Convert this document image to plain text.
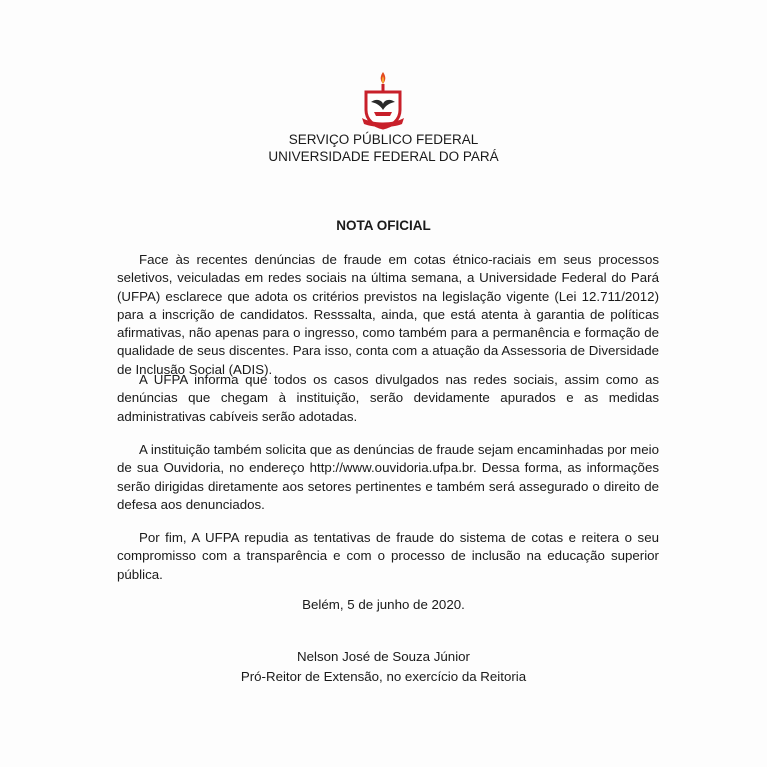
SERVIÇO PÚBLICO FEDERAL
UNIVERSIDADE FEDERAL DO PARÁ
NOTA OFICIAL

Face às recentes denúncias de fraude em cotas étnico-raciais em seus processos seletivos, veiculadas em redes sociais na última semana, a Universidade Federal do Pará (UFPA) esclarece que adota os critérios previstos na legislação vigente (Lei 12.711/2012) para a inscrição de candidatos. Resssalta, ainda, que está atenta à garantia de políticas afirmativas, não apenas para o ingresso, como também para a permanência e formação de qualidade de seus discentes. Para isso, conta com a atuação da Assessoria de Diversidade de Inclusão Social (ADIS).

A UFPA informa que todos os casos divulgados nas redes sociais, assim como as denúncias que chegam à instituição, serão devidamente apurados e as medidas administrativas cabíveis serão adotadas.

A instituição também solicita que as denúncias de fraude sejam encaminhadas por meio de sua Ouvidoria, no endereço http://www.ouvidoria.ufpa.br. Dessa forma, as informações serão dirigidas diretamente aos setores pertinentes e também será assegurado o direito de defesa aos denunciados.

Por fim, A UFPA repudia as tentativas de fraude do sistema de cotas e reitera o seu compromisso com a transparência e com o processo de inclusão na educação superior pública.

Belém, 5 de junho de 2020.
Nelson José de Souza Júnior
Pró-Reitor de Extensão, no exercício da Reitoria
